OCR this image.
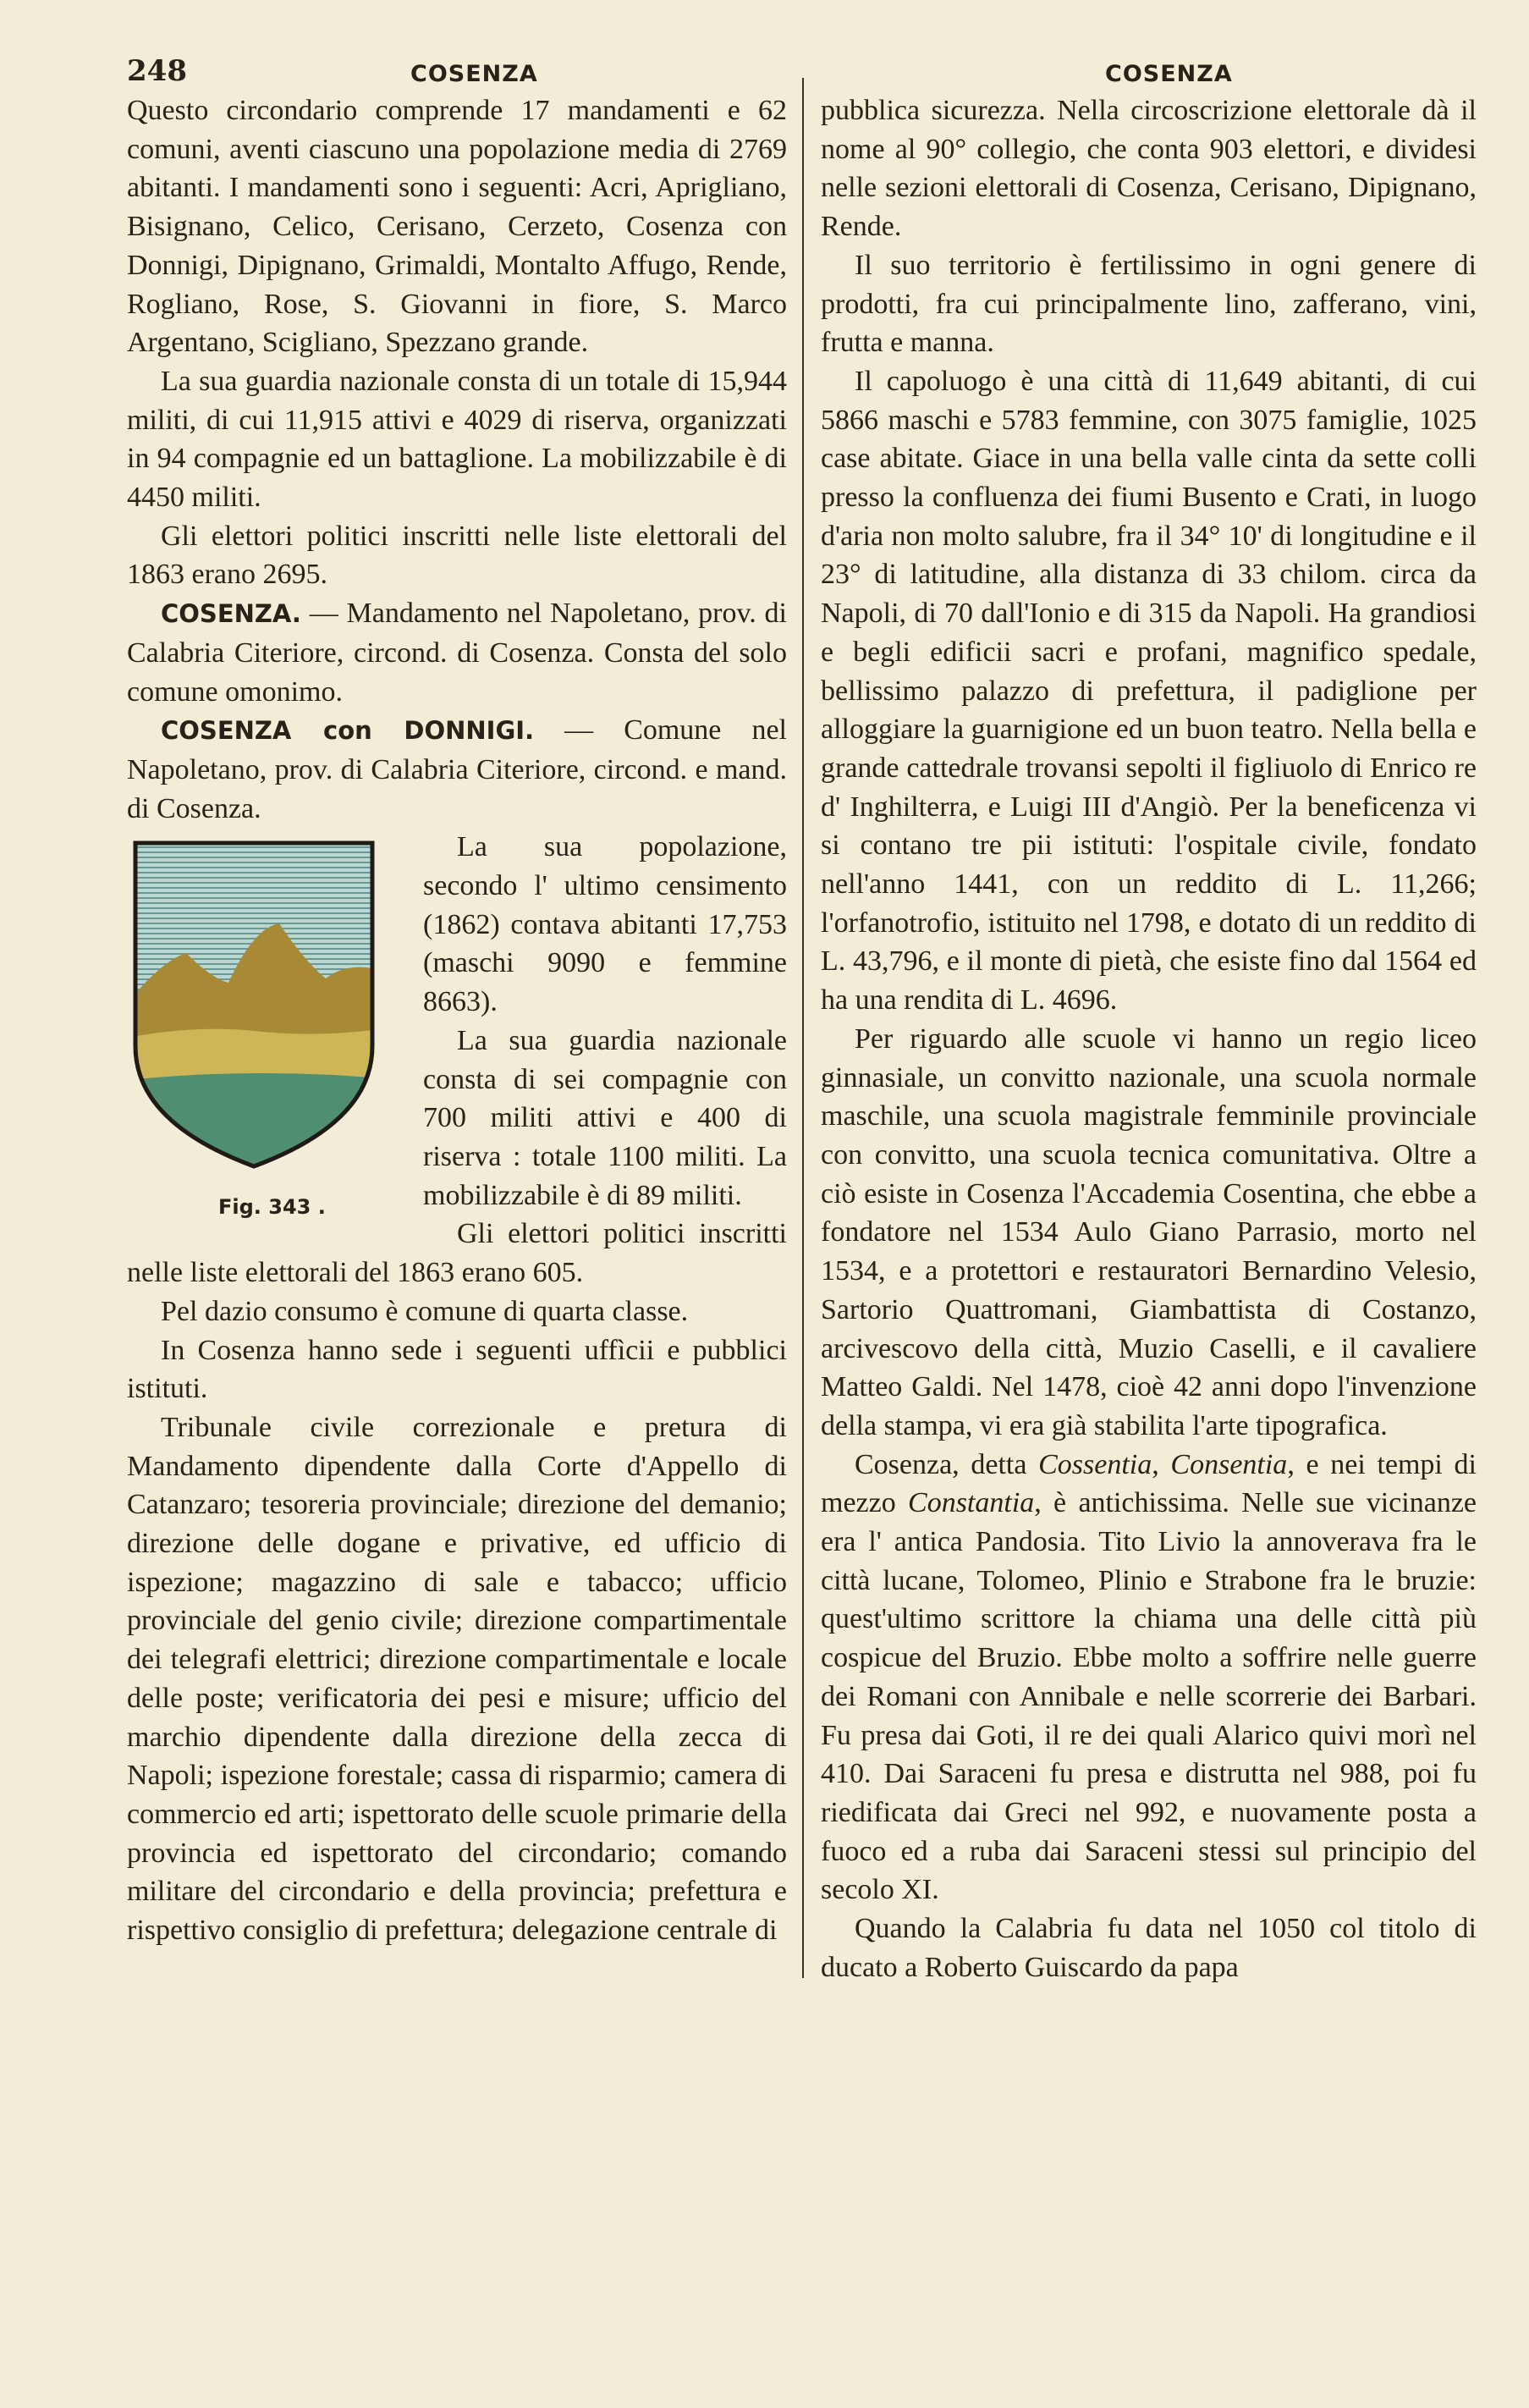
248	COSENZA	COSENZA

Questo circondario comprende 17 mandamenti e 62 comuni, aventi ciascuno una popolazione media di 2769 abitanti. I mandamenti sono i seguenti: Acri, Aprigliano, Bisignano, Celico, Cerisano, Cerzeto, Cosenza con Donnigi, Dipignano, Grimaldi, Montalto Affugo, Rende, Rogliano, Rose, S. Giovanni in fiore, S. Marco Argentano, Scigliano, Spezzano grande.

La sua guardia nazionale consta di un totale di 15,944 militi, di cui 11,915 attivi e 4029 di riserva, organizzati in 94 compagnie ed un battaglione. La mobilizzabile è di 4450 militi.

Gli elettori politici inscritti nelle liste elettorali del 1863 erano 2695.

COSENZA. — Mandamento nel Napoletano, prov. di Calabria Citeriore, circond. di Cosenza. Consta del solo comune omonimo.

COSENZA con DONNIGI. — Comune nel Napoletano, prov. di Calabria Citeriore, circond. e mand. di Cosenza.

Fig. 343 .

La sua popolazione, secondo l' ultimo censimento (1862) contava abitanti 17,753 (maschi 9090 e femmine 8663).

La sua guardia nazionale consta di sei compagnie con 700 militi attivi e 400 di riserva : totale 1100 militi. La mobilizzabile è di 89 militi.

Gli elettori politici inscritti nelle liste elettorali del 1863 erano 605.

Pel dazio consumo è comune di quarta classe.

In Cosenza hanno sede i seguenti uffìcii e pubblici istituti.

Tribunale civile correzionale e pretura di Mandamento dipendente dalla Corte d'Appello di Catanzaro; tesoreria provinciale; direzione del demanio; direzione delle dogane e privative, ed ufficio di ispezione; magazzino di sale e tabacco; ufficio provinciale del genio civile; direzione compartimentale dei telegrafi elettrici; direzione compartimentale e locale delle poste; verificatoria dei pesi e misure; ufficio del marchio dipendente dalla direzione della zecca di Napoli; ispezione forestale; cassa di risparmio; camera di commercio ed arti; ispettorato delle scuole primarie della provincia ed ispettorato del circondario; comando militare del circondario e della provincia; prefettura e rispettivo consiglio di prefettura; delegazione centrale di

pubblica sicurezza. Nella circoscrizione elettorale dà il nome al 90° collegio, che conta 903 elettori, e dividesi nelle sezioni elettorali di Cosenza, Cerisano, Dipignano, Rende.

Il suo territorio è fertilissimo in ogni genere di prodotti, fra cui principalmente lino, zafferano, vini, frutta e manna.

Il capoluogo è una città di 11,649 abitanti, di cui 5866 maschi e 5783 femmine, con 3075 famiglie, 1025 case abitate. Giace in una bella valle cinta da sette colli presso la confluenza dei fiumi Busento e Crati, in luogo d'aria non molto salubre, fra il 34° 10' di longitudine e il 23° di latitudine, alla distanza di 33 chilom. circa da Napoli, di 70 dall'Ionio e di 315 da Napoli. Ha grandiosi e begli edificii sacri e profani, magnifico spedale, bellissimo palazzo di prefettura, il padiglione per alloggiare la guarnigione ed un buon teatro. Nella bella e grande cattedrale trovansi sepolti il figliuolo di Enrico re d' Inghilterra, e Luigi III d'Angiò. Per la beneficenza vi si contano tre pii istituti: l'ospitale civile, fondato nell'anno 1441, con un reddito di L. 11,266; l'orfanotrofio, istituito nel 1798, e dotato di un reddito di L. 43,796, e il monte di pietà, che esiste fino dal 1564 ed ha una rendita di L. 4696.

Per riguardo alle scuole vi hanno un regio liceo ginnasiale, un convitto nazionale, una scuola normale maschile, una scuola magistrale femminile provinciale con convitto, una scuola tecnica comunitativa. Oltre a ciò esiste in Cosenza l'Accademia Cosentina, che ebbe a fondatore nel 1534 Aulo Giano Parrasio, morto nel 1534, e a protettori e restauratori Bernardino Velesio, Sartorio Quattromani, Giambattista di Costanzo, arcivescovo della città, Muzio Caselli, e il cavaliere Matteo Galdi. Nel 1478, cioè 42 anni dopo l'invenzione della stampa, vi era già stabilita l'arte tipografica.

Cosenza, detta Cossentia, Consentia, e nei tempi di mezzo Constantia, è antichissima. Nelle sue vicinanze era l' antica Pandosia. Tito Livio la annoverava fra le città lucane, Tolomeo, Plinio e Strabone fra le bruzie: quest'ultimo scrittore la chiama una delle città più cospicue del Bruzio. Ebbe molto a soffrire nelle guerre dei Romani con Annibale e nelle scorrerie dei Barbari. Fu presa dai Goti, il re dei quali Alarico quivi morì nel 410. Dai Saraceni fu presa e distrutta nel 988, poi fu riedificata dai Greci nel 992, e nuovamente posta a fuoco ed a ruba dai Saraceni stessi sul principio del secolo XI.

Quando la Calabria fu data nel 1050 col titolo di ducato a Roberto Guiscardo da papa
